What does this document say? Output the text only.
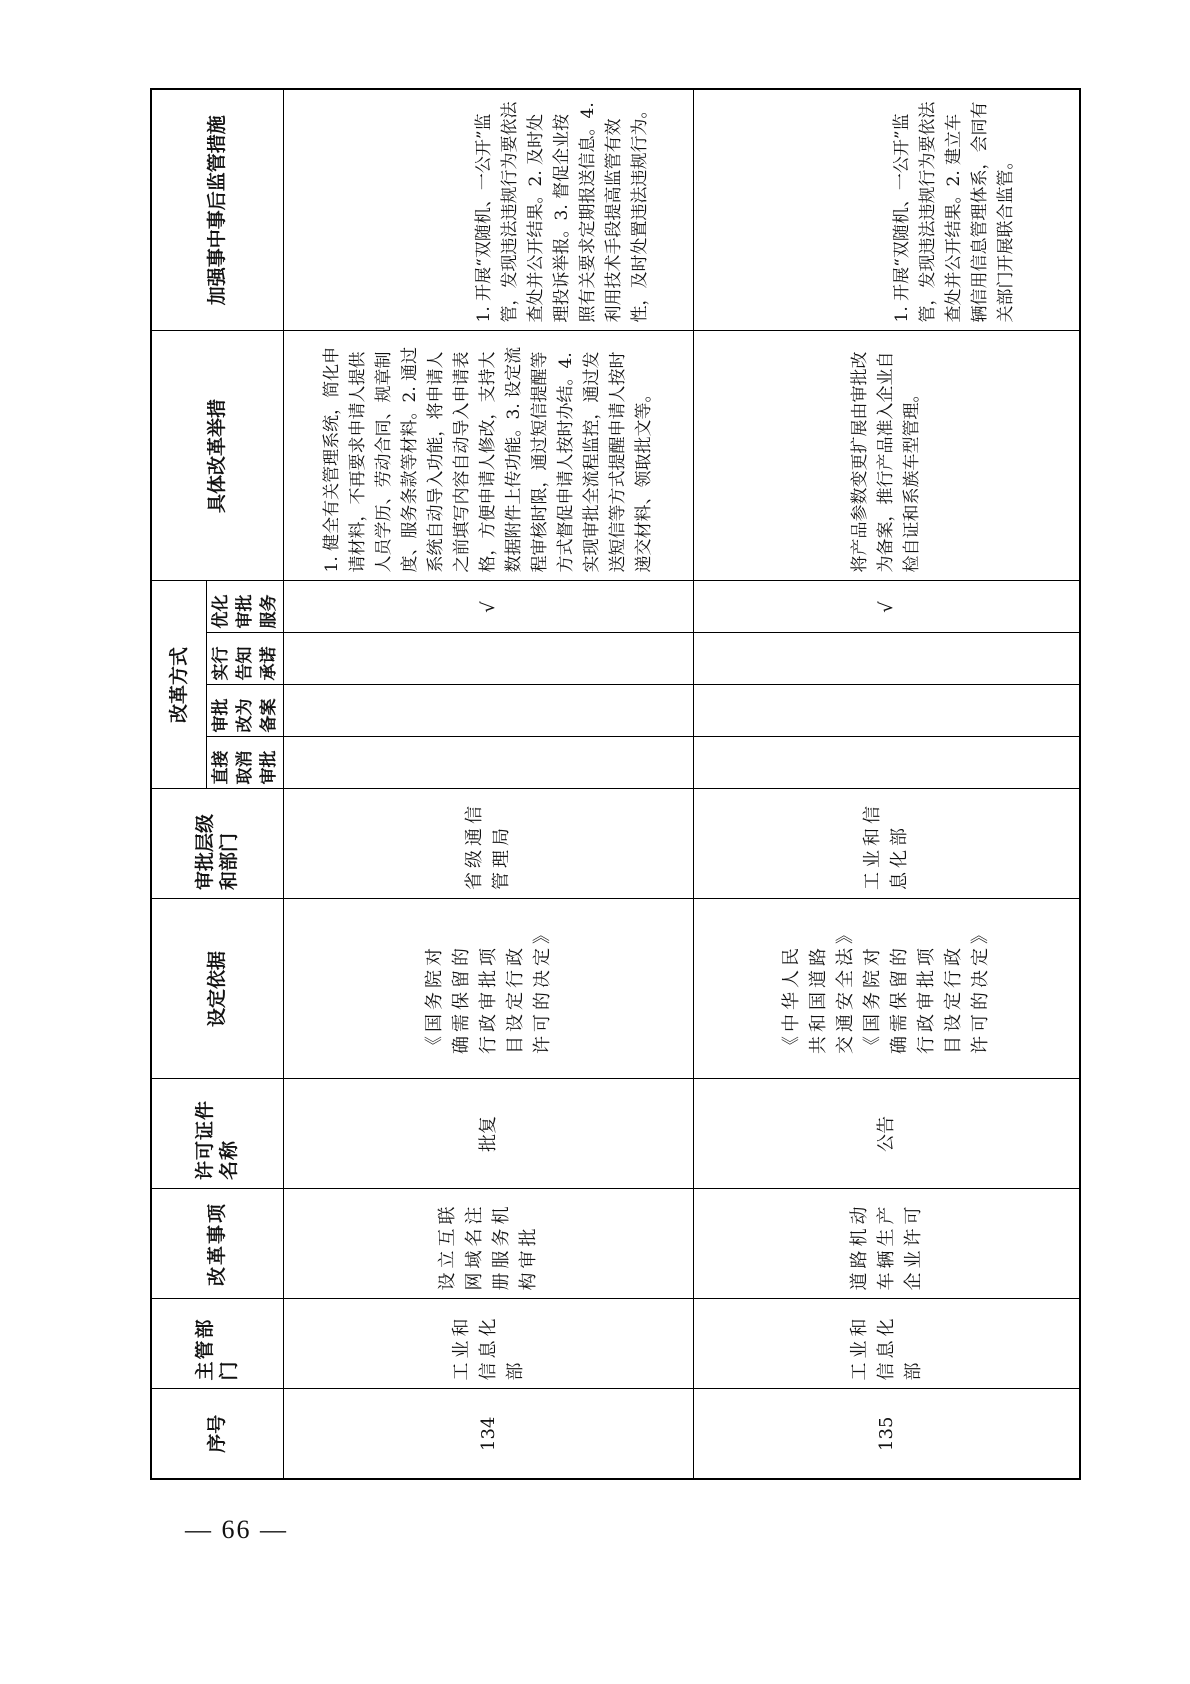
序号	主管部门	改革事项	许可证件名称	设定依据	审批层级和部门	改革方式				具体改革举措	加强事中事后监管措施
						直接取消审批	审批改为备案	实行告知承诺	优化审批服务		
134	工业和信息化部	设立互联网域名注册服务机构审批	批复	《国务院对确需保留的行政审批项目设定行政许可的决定》	省级通信管理局				√	1. 健全有关管理系统，简化申请材料，不再要求申请人提供人员学历、劳动合同、规章制度、服务条款等材料。2. 通过系统自动导入功能，将申请人之前填写内容自动导入申请表格，方便申请人修改，支持大数据附件上传功能。3. 设定流程审核时限，通过短信提醒等方式督促申请人按时办结。4. 实现审批全流程监控，通过发送短信等方式提醒申请人按时递交材料、领取批文等。	1. 开展“双随机、一公开”监管，发现违法违规行为要依法查处并公开结果。2. 及时处理投诉举报。3. 督促企业按照有关要求定期报送信息。4. 利用技术手段提高监管有效性，及时处置违法违规行为。
135	工业和信息化部	道路机动车辆生产企业许可	公告	《中华人民共和国道路交通安全法》《国务院对确需保留的行政审批项目设定行政许可的决定》	工业和信息化部				√	将产品参数变更扩展由审批改为备案，推行产品准入企业自检自证和系族车型管理。	1. 开展“双随机、一公开”监管，发现违法违规行为要依法查处并公开结果。2. 建立车辆信用信息管理体系，会同有关部门开展联合监管。
— 66 —
